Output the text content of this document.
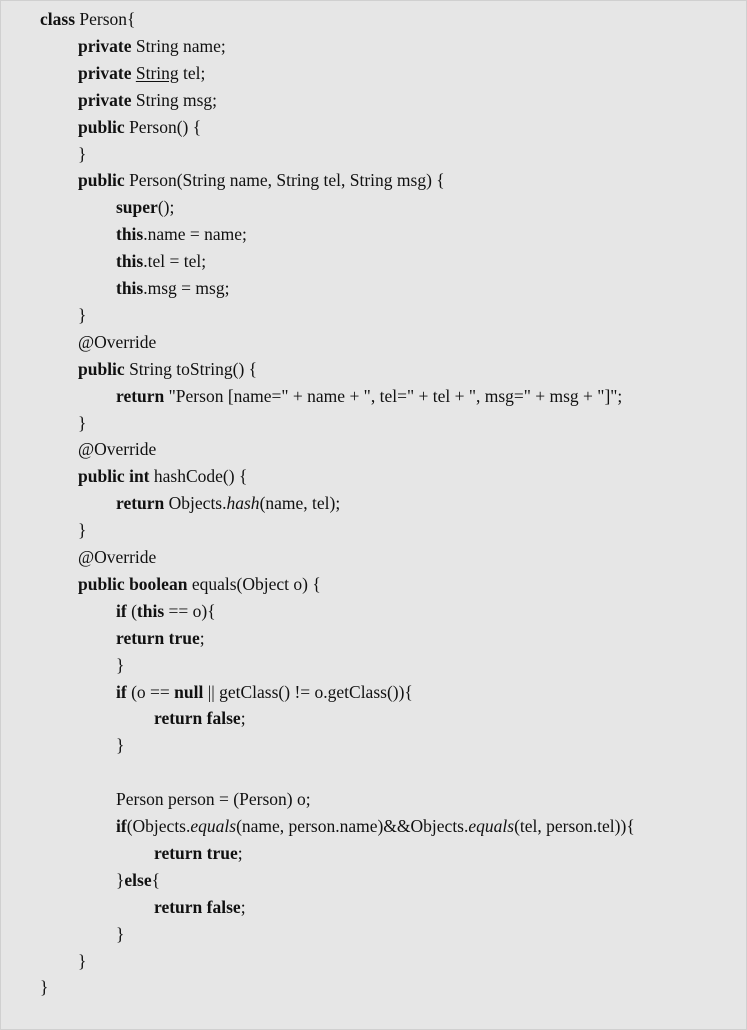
class Person{
private String name;
private String tel;
private String msg;
public Person() {
}
public Person(String name, String tel, String msg) {
super();
this.name = name;
this.tel = tel;
this.msg = msg;
}
@Override
public String toString() {
return "Person [name=" + name + ", tel=" + tel + ", msg=" + msg + "]";
}
@Override
public int hashCode() {
return Objects.hash(name, tel);
}
@Override
public boolean equals(Object o) {
if (this == o){
return true;
}
if (o == null || getClass() != o.getClass()){
return false;
}
Person person = (Person) o;
if(Objects.equals(name, person.name)&&Objects.equals(tel, person.tel)){
return true;
}else{
return false;
}
}
}
